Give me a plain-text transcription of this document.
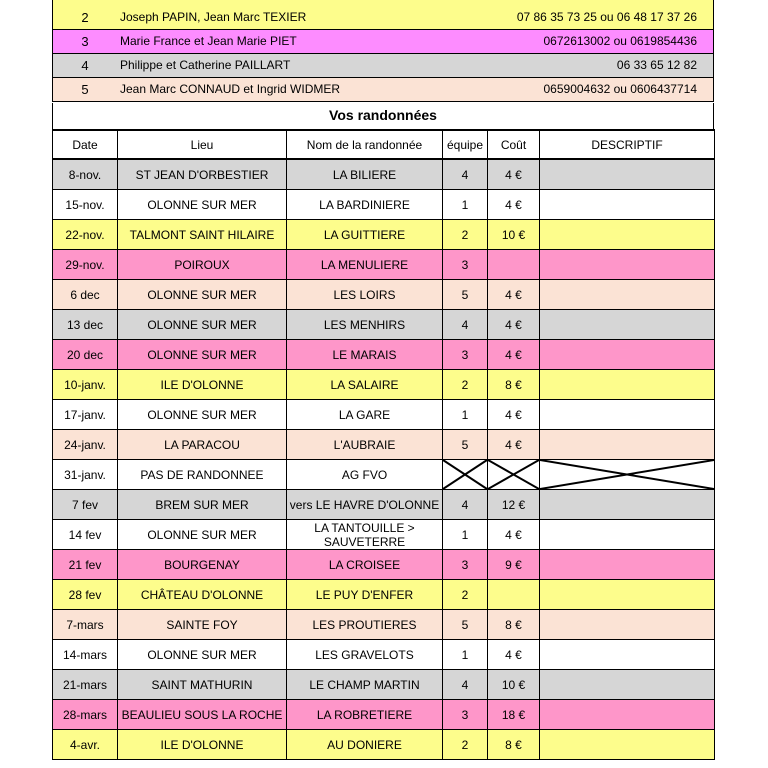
2	Joseph PAPIN, Jean Marc TEXIER	07 86 35 73 25 ou 06 48 17 37 26
3	Marie France et Jean Marie PIET	0672613002 ou 0619854436
4	Philippe et Catherine PAILLART	06 33 65 12 82
5	Jean Marc CONNAUD et Ingrid WIDMER	0659004632 ou 0606437714
Vos randonnées
Date	Lieu	Nom de la randonnée	équipe	Coût	DESCRIPTIF
8-nov.	ST JEAN D'ORBESTIER	LA BILIERE	4	4 €	
15-nov.	OLONNE SUR MER	LA BARDINIERE	1	4 €	
22-nov.	TALMONT SAINT HILAIRE	LA GUITTIERE	2	10 €	
29-nov.	POIROUX	LA MENULIERE	3		
6 dec	OLONNE SUR MER	LES LOIRS	5	4 €	
13 dec	OLONNE SUR MER	LES MENHIRS	4	4 €	
20 dec	OLONNE SUR MER	LE MARAIS	3	4 €	
10-janv.	ILE D'OLONNE	LA SALAIRE	2	8 €	
17-janv.	OLONNE SUR MER	LA GARE	1	4 €	
24-janv.	LA PARACOU	L'AUBRAIE	5	4 €	
31-janv.	PAS DE RANDONNEE	AG FVO	

7 fev	BREM SUR MER	vers LE HAVRE D'OLONNE	4	12 €	
14 fev	OLONNE SUR MER	LA TANTOUILLE > SAUVETERRE	1	4 €	
21 fev	BOURGENAY	LA CROISEE	3	9 €	
28 fev	CHÂTEAU D'OLONNE	LE PUY D'ENFER	2		
7-mars	SAINTE FOY	LES PROUTIERES	5	8 €	
14-mars	OLONNE SUR MER	LES GRAVELOTS	1	4 €	
21-mars	SAINT MATHURIN	LE CHAMP MARTIN	4	10 €	
28-mars	BEAULIEU SOUS LA ROCHE	LA ROBRETIERE	3	18 €	
4-avr.	ILE D'OLONNE	AU DONIERE	2	8 €	
